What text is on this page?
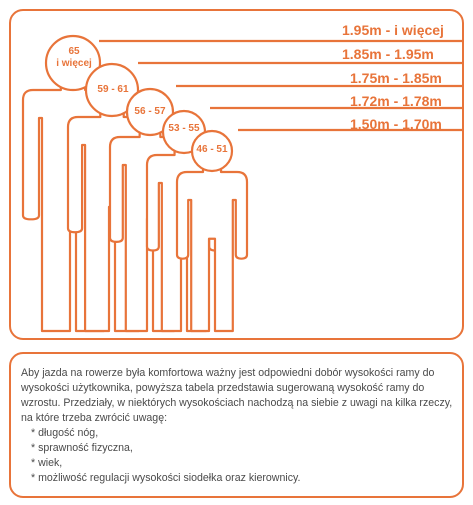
1.95m - i więcej
1.85m - 1.95m
1.75m - 1.85m
1.72m - 1.78m
1.50m - 1.70m
65
i więcej
59 - 61
56 - 57
53 - 55
46 - 51

Aby jazda na rowerze była komfortowa ważny jest odpowiedni dobór wysokości ramy do wysokości użytkownika, powyższa tabela przedstawia sugerowaną wysokość ramy do wzrostu. Przedziały, w niektórych wysokościach nachodzą na siebie z uwagi na kilka rzeczy, na które trzeba zwrócić uwagę:

* długość nóg,
* sprawność fizyczna,
* wiek,
* możliwość regulacji wysokości siodełka oraz kierownicy.
